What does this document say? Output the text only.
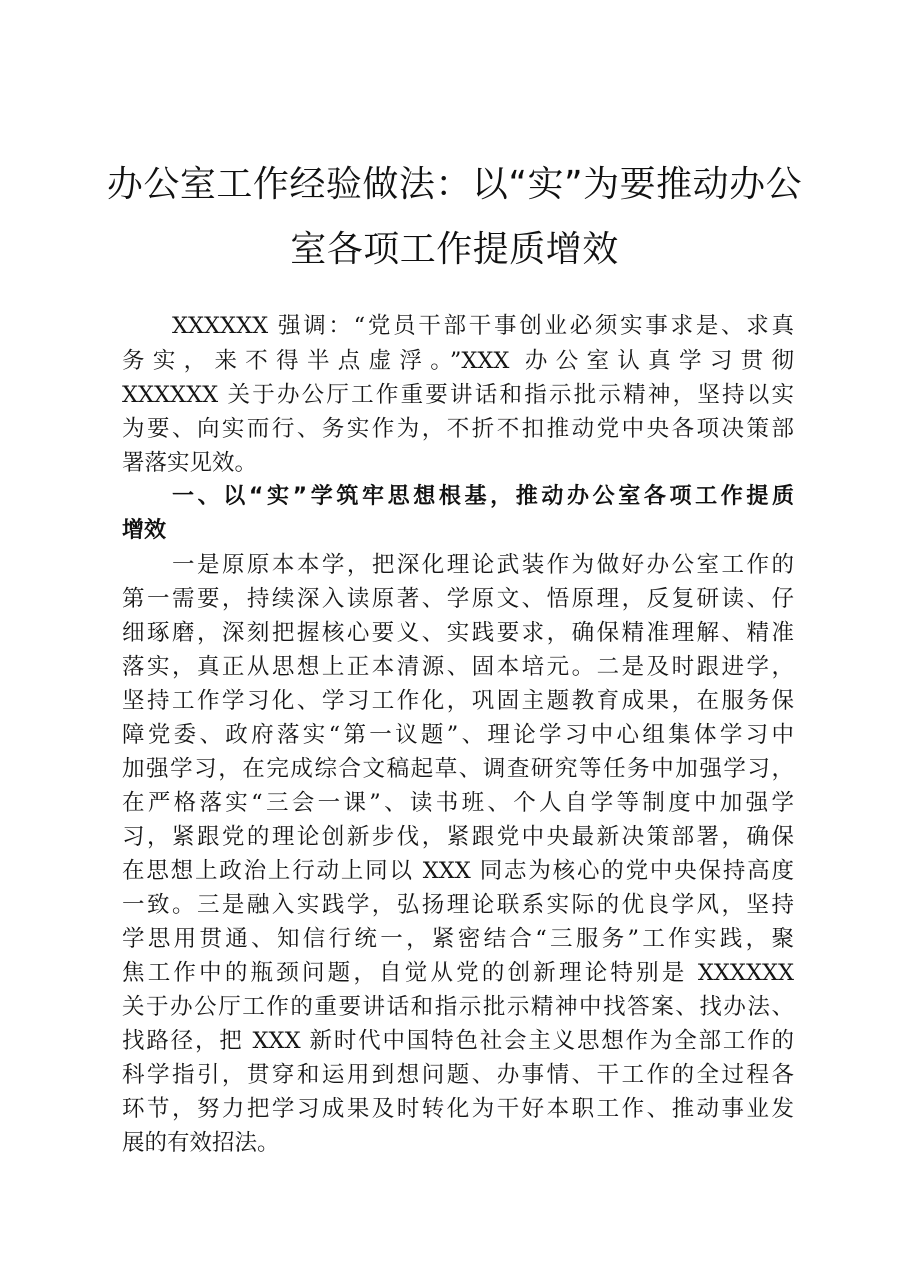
办公室工作经验做法：以“实”为要推动办公
室各项工作提质增效
XXXXXX 强调：“党员干部干事创业必须实事求是、求真
务实，来不得半点虚浮。”XXX 办公室认真学习贯彻
XXXXXX 关于办公厅工作重要讲话和指示批示精神，坚持以实
为要、向实而行、务实作为，不折不扣推动党中央各项决策部
署落实见效。
一、以“实”学筑牢思想根基，推动办公室各项工作提质
增效
一是原原本本学，把深化理论武装作为做好办公室工作的
第一需要，持续深入读原著、学原文、悟原理，反复研读、仔
细琢磨，深刻把握核心要义、实践要求，确保精准理解、精准
落实，真正从思想上正本清源、固本培元。二是及时跟进学，
坚持工作学习化、学习工作化，巩固主题教育成果，在服务保
障党委、政府落实“第一议题”、理论学习中心组集体学习中
加强学习，在完成综合文稿起草、调查研究等任务中加强学习，
在严格落实“三会一课”、读书班、个人自学等制度中加强学
习，紧跟党的理论创新步伐，紧跟党中央最新决策部署，确保
在思想上政治上行动上同以 XXX 同志为核心的党中央保持高度
一致。三是融入实践学，弘扬理论联系实际的优良学风，坚持
学思用贯通、知信行统一，紧密结合“三服务”工作实践，聚
焦工作中的瓶颈问题，自觉从党的创新理论特别是 XXXXXX
关于办公厅工作的重要讲话和指示批示精神中找答案、找办法、
找路径，把 XXX 新时代中国特色社会主义思想作为全部工作的
科学指引，贯穿和运用到想问题、办事情、干工作的全过程各
环节，努力把学习成果及时转化为干好本职工作、推动事业发
展的有效招法。
